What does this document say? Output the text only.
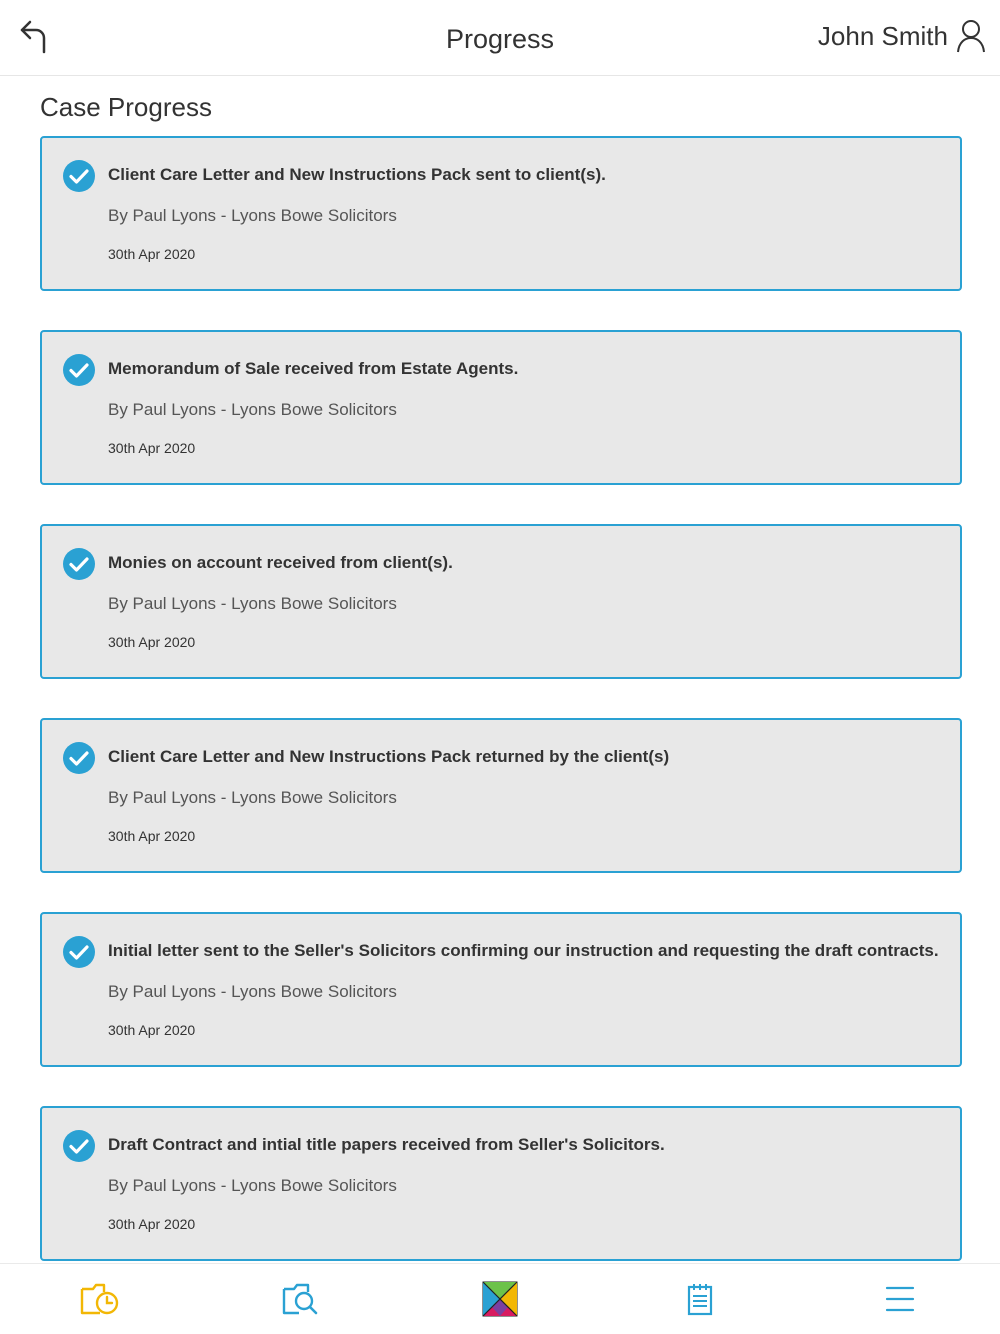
Progress	John Smith
Case Progress
Client Care Letter and New Instructions Pack sent to client(s).
By Paul Lyons - Lyons Bowe Solicitors
30th Apr 2020
Memorandum of Sale received from Estate Agents.
By Paul Lyons - Lyons Bowe Solicitors
30th Apr 2020
Monies on account received from client(s).
By Paul Lyons - Lyons Bowe Solicitors
30th Apr 2020
Client Care Letter and New Instructions Pack returned by the client(s)
By Paul Lyons - Lyons Bowe Solicitors
30th Apr 2020
Initial letter sent to the Seller's Solicitors confirming our instruction and requesting the draft contracts.
By Paul Lyons - Lyons Bowe Solicitors
30th Apr 2020
Draft Contract and intial title papers received from Seller's Solicitors.
By Paul Lyons - Lyons Bowe Solicitors
30th Apr 2020
